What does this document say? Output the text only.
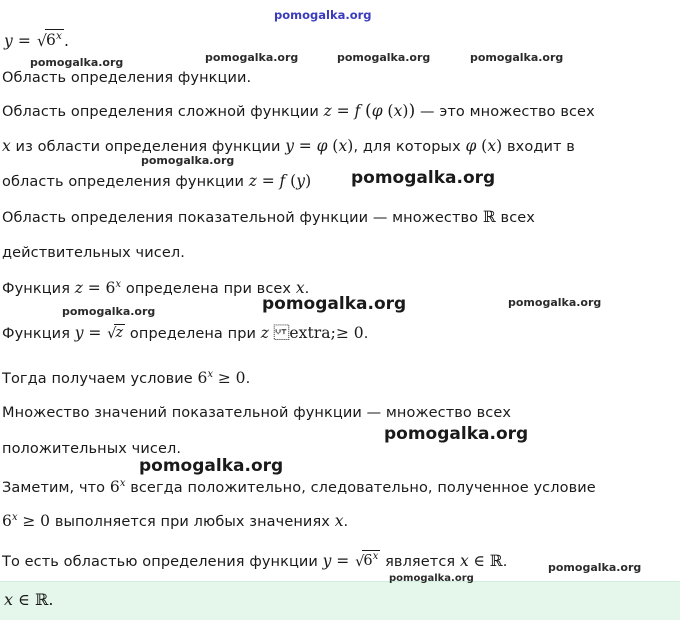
$y = √6^x$ .
Область определения функции.
Область определения сложной функции z = f (φ (x)) — это множество всех
x из области определения функции y = φ (x), для которых φ (x) входит в
область определения функции z = f (y)
Область определения показательной функции — множество ℝ всех
действительных чисел.
Функция $z = 6^x$ определена при всех x.
Функция y = √z определена при z extra;≥ 0.
Тогда получаем условие $6^x \ge 0$.
Множество значений показательной функции — множество всех
положительных чисел.
Заметим, что 6$^x$ всегда положительно, следовательно, полученное условие
$6^x \ge 0$ выполняется при любых значениях x.
То есть областью определения функции $y = √6^x$ является x ∈ ℝ.
x ∈ ℝ.
pomogalka.org
pomogalka.org	pomogalka.org	pomogalka.org	pomogalka.org
pomogalka.org
pomogalka.org
pomogalka.org	pomogalka.org	pomogalka.org
pomogalka.org
pomogalka.org
pomogalka.org
pomogalka.org
